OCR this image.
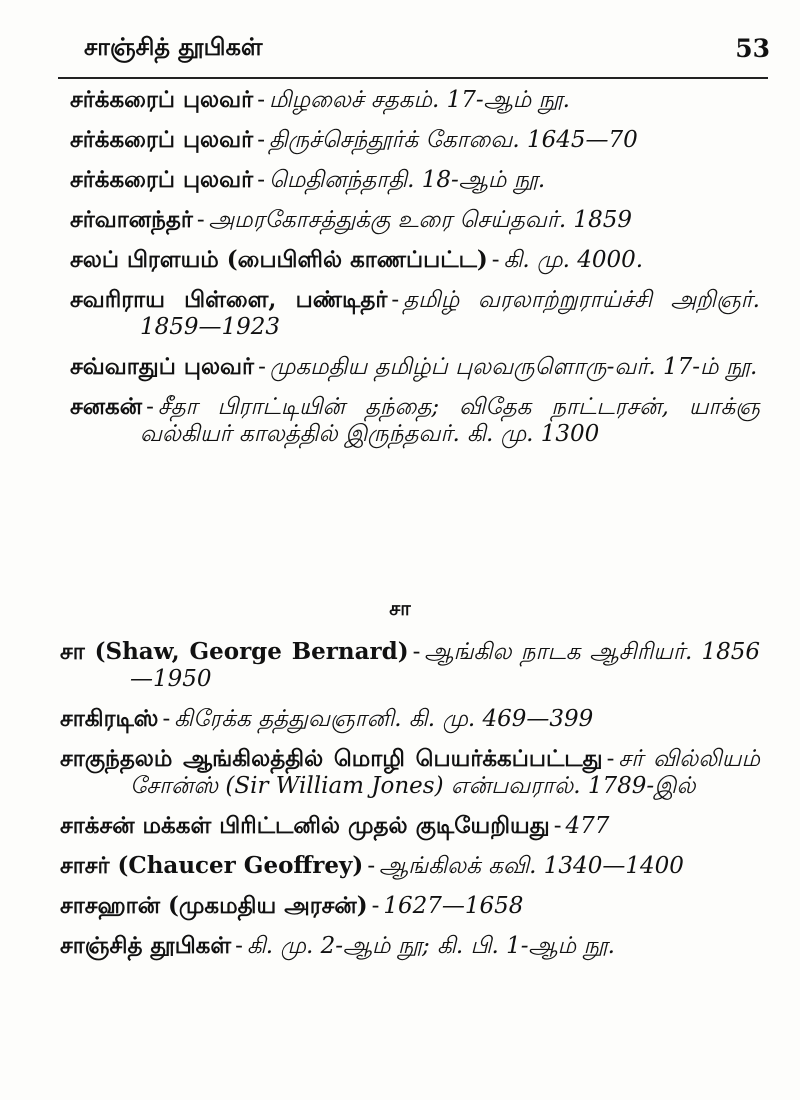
சாஞ்சித் தூபிகள்	53
சர்க்கரைப் புலவர் - மிழலைச் சதகம். 17-ஆம் நூ.
சர்க்கரைப் புலவர் - திருச்செந்தூர்க் கோவை. 1645—70
சர்க்கரைப் புலவர் - மெதினந்தாதி. 18-ஆம் நூ.
சர்வானந்தர் - அமரகோசத்துக்கு உரை செய்தவர். 1859
சலப் பிரளயம் (பைபிளில் காணப்பட்ட) - கி. மு. 4000.
சவரிராய பிள்ளை, பண்டிதர் - தமிழ் வரலாற்றுராய்ச்சி அறிஞர். 1859—1923
சவ்வாதுப் புலவர் - முகமதிய தமிழ்ப் புலவருளொரு-வர். 17-ம் நூ.
சனகன் - சீதா பிராட்டியின் தந்தை; விதேக நாட்டரசன், யாக்ஞ வல்கியர் காலத்தில் இருந்தவர். கி. மு. 1300
சா
சா (Shaw, George Bernard) - ஆங்கில நாடக ஆசிரியர். 1856—1950
சாகிரடிஸ் - கிரேக்க தத்துவஞானி. கி. மு. 469—399
சாகுந்தலம் ஆங்கிலத்தில் மொழி பெயர்க்கப்பட்டது - சர் வில்லியம் சோன்ஸ் (Sir William Jones) என்பவரால். 1789-இல்
சாக்சன் மக்கள் பிரிட்டனில் முதல் குடியேறியது - 477
சாசர் (Chaucer Geoffrey) - ஆங்கிலக் கவி. 1340—1400
சாசஹான் (முகமதிய அரசன்) - 1627—1658
சாஞ்சித் தூபிகள் - கி. மு. 2-ஆம் நூ; கி. பி. 1-ஆம் நூ.
